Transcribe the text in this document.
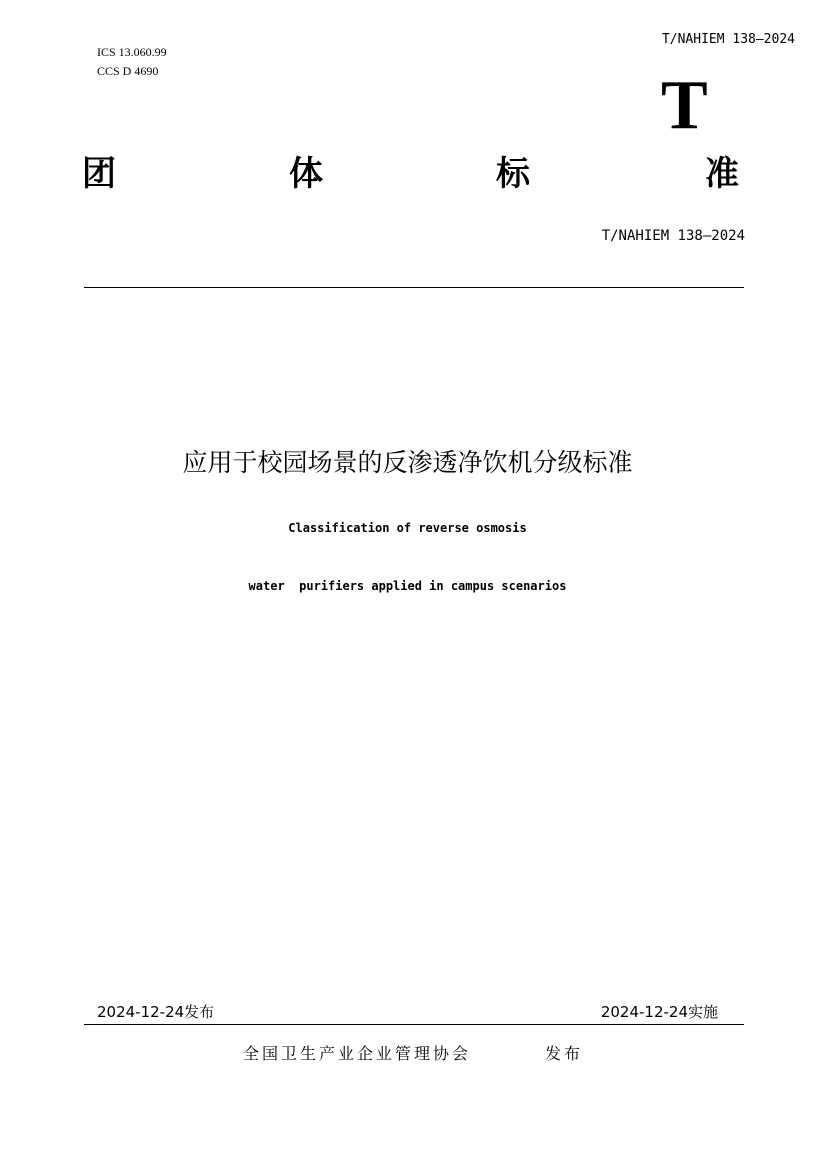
T/NAHIEM 138—2024
ICS 13.060.99
CCS D 4690	T
团	体	标	准
T/NAHIEM 138—2024
应用于校园场景的反渗透净饮机分级标准
Classification of reverse osmosis
water  purifiers applied in campus scenarios
2024-12-24发布	2024-12-24实施
全国卫生产业企业管理协会	发布
